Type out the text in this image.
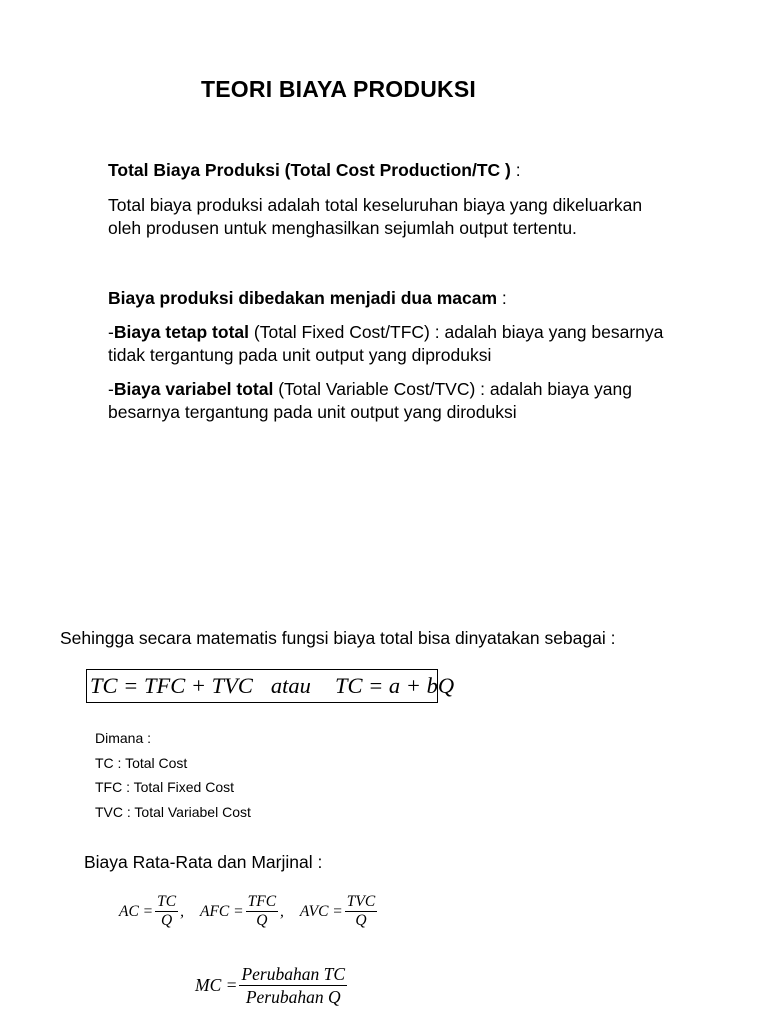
TEORI BIAYA PRODUKSI
Total Biaya Produksi (Total Cost Production/TC ) :
Total biaya produksi adalah total keseluruhan biaya yang dikeluarkan
oleh produsen untuk menghasilkan sejumlah output tertentu.
Biaya produksi dibedakan menjadi dua macam :
-Biaya tetap total (Total Fixed Cost/TFC) : adalah biaya yang besarnya
tidak tergantung pada unit output yang diproduksi
-Biaya variabel total (Total Variable Cost/TVC) : adalah biaya yang
besarnya tergantung pada unit output yang diroduksi
Sehingga secara matematis fungsi biaya total bisa dinyatakan sebagai :
TC = TFC + TVC atau TC = a + bQ
Dimana :
TC : Total Cost
TFC : Total Fixed Cost
TVC : Total Variabel Cost
Biaya Rata-Rata dan Marjinal :
AC = $\frac{TC}{Q}$ , AFC = $\frac{\text{TFC}}{Q}$ , AVC = $\frac{\text{TVC}}{Q}$
MC = $\frac{\text{Perubahan TC}}{\text{Perubahan Q}}$
